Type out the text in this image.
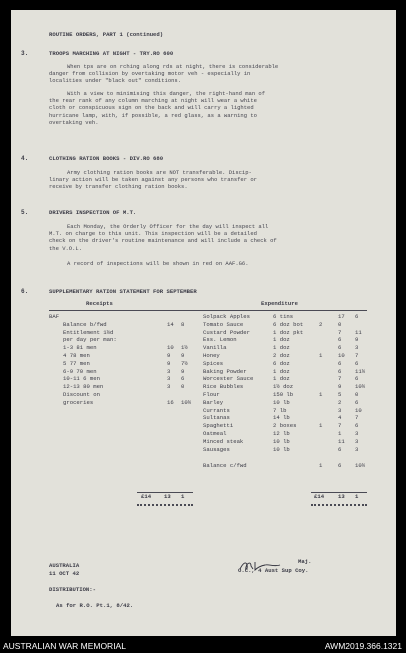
ROUTINE ORDERS, PART 1 (continued)
3.	TROOPS MARCHING AT NIGHT - TRY.RO 600
When tps are on rching along rds at night, there is considerable
danger from collision by overtaking motor veh - especially in
localities under "black out" conditions.
With a view to minimising this danger, the right-hand man of
the rear rank of any column marching at night will wear a white
cloth or conspicuous sign on the back and will carry a lighted
hurricane lamp, with, if possible, a red glass, as a warning to
overtaking veh.
4.	CLOTHING RATION BOOKS - DIV.RO 680
Army clothing ration books are NOT transferable. Discip-
linary action will be taken against any persons who transfer or
receive by transfer clothing ration books.
5.	DRIVERS INSPECTION OF M.T.
Each Monday, the Orderly Officer for the day will inspect all
M.T. on charge to this unit. This inspection will be a detailed
check on the driver's routine maintenance and will include a check of
the V.O.L.
A record of inspections will be shown in red on AAF.G6.
6.	SUPPLEMENTARY RATION STATEMENT FOR SEPTEMBER
Receipts	Expenditure
BAF
Balance b/fwd	14 8
Entitlement 1½d
per day per man:
1-3 81 men	10 1½
4 78 men	9 9
5 77 men	9 7½
6-9 70 men	3 9
10-11 6 men	3 6
12-13 80 men	3 0
Discount on
groceries	16 10½
Solpack Apples	6 tins	17 6
Tomato Sauce	6 doz bot	2	0
Custard Powder	1 doz pkt	7 11
Ess. Lemon	1 doz	6 9
Vanilla	1 doz	6 3
Honey	2 doz	1	10 7
Spices	6 doz	6 6
Baking Powder	1 doz	6 11½
Worcester Sauce	1 doz	7 6
Rice Bubbles	1½ doz	9 10½
Flour	150 lb	1	5 0
Barley	10 lb	2 6
Currants	7 lb	3 10
Sultanas	14 lb	4 7
Spaghetti	2 boxes	1	7 6
Oatmeal	12 lb	1 3
Minced steak	10 lb	11 3
Sausages	10 lb	6 3
Balance c/fwd	1	6 10½
£14 13 1	£14 13 1
AUSTRALIA
11 OCT 42
Maj.
O.C., 4 Aust Sup Coy.
DISTRIBUTION:-
As for R.O. Pt.1, 8/42.
AUSTRALIAN WAR MEMORIAL	AWM2019.366.1321
